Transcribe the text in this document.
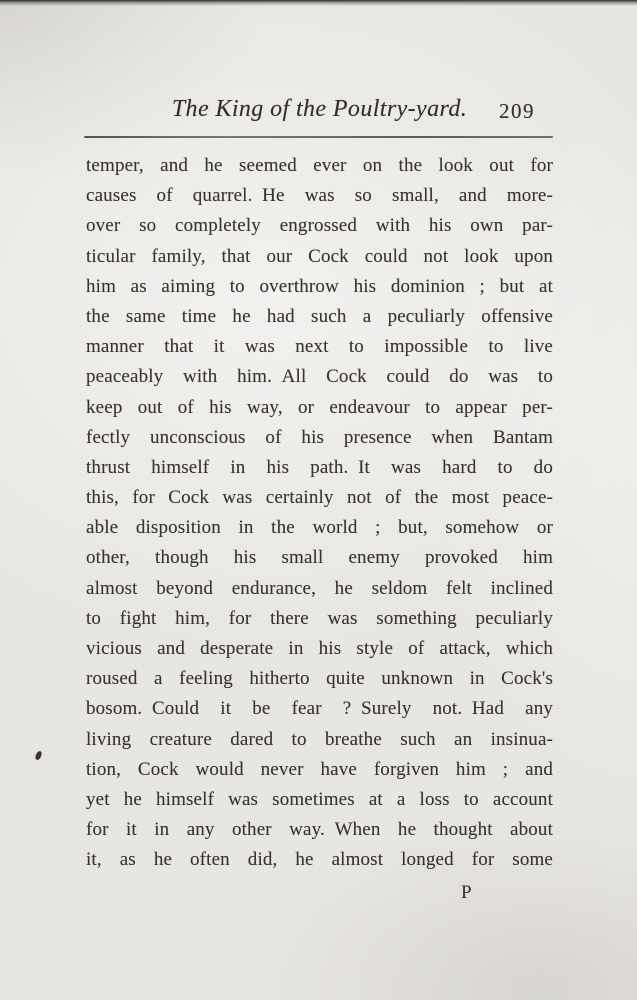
The King of the Poultry-yard. 209
temper, and he seemed ever on the look out for
causes of quarrel. He was so small, and more-
over so completely engrossed with his own par-
ticular family, that our Cock could not look upon
him as aiming to overthrow his dominion ; but at
the same time he had such a peculiarly offensive
manner that it was next to impossible to live
peaceably with him. All Cock could do was to
keep out of his way, or endeavour to appear per-
fectly unconscious of his presence when Bantam
thrust himself in his path. It was hard to do
this, for Cock was certainly not of the most peace-
able disposition in the world ; but, somehow or
other, though his small enemy provoked him
almost beyond endurance, he seldom felt inclined
to fight him, for there was something peculiarly
vicious and desperate in his style of attack, which
roused a feeling hitherto quite unknown in Cock's
bosom. Could it be fear ? Surely not. Had any
living creature dared to breathe such an insinua-
tion, Cock would never have forgiven him ; and
yet he himself was sometimes at a loss to account
for it in any other way. When he thought about
it, as he often did, he almost longed for some
P
